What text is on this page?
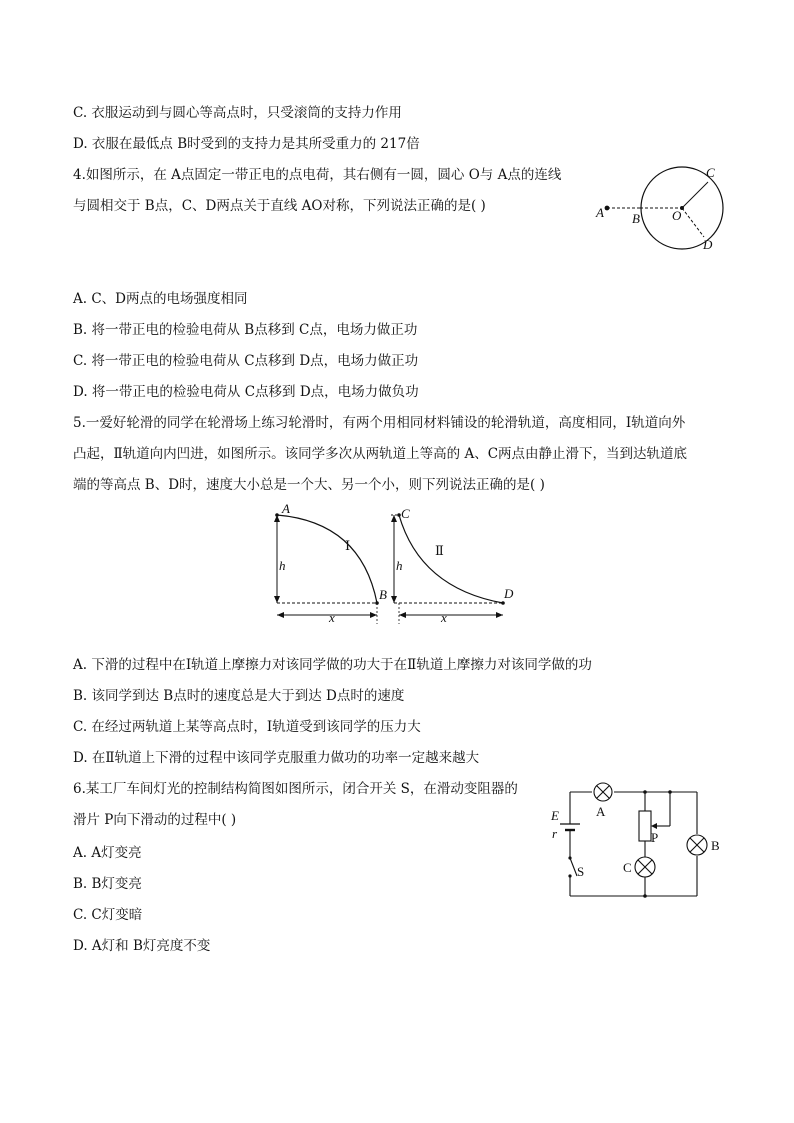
C. 衣服运动到与圆心等高点时，只受滚筒的支持力作用
D. 衣服在最低点 B时受到的支持力是其所受重力的 217倍
4.如图所示，在 A点固定一带正电的点电荷，其右侧有一圆，圆心 O与 A点的连线
与圆相交于 B点，C、D两点关于直线 AO对称，下列说法正确的是( )	A B O
C
D
A. C、D两点的电场强度相同
B. 将一带正电的检验电荷从 B点移到 C点，电场力做正功
C. 将一带正电的检验电荷从 C点移到 D点，电场力做正功
D. 将一带正电的检验电荷从 C点移到 D点，电场力做负功
5.一爱好轮滑的同学在轮滑场上练习轮滑时，有两个用相同材料铺设的轮滑轨道，高度相同，Ⅰ轨道向外
凸起，Ⅱ轨道向内凹进，如图所示。该同学多次从两轨道上等高的 A、C两点由静止滑下，当到达轨道底
端的等高点 B、D时，速度大小总是一个大、另一个小，则下列说法正确的是( )
A
B
C
D
h	h
x	x
Ⅰ	Ⅱ
A. 下滑的过程中在Ⅰ轨道上摩擦力对该同学做的功大于在Ⅱ轨道上摩擦力对该同学做的功
B. 该同学到达 B点时的速度总是大于到达 D点时的速度
C. 在经过两轨道上某等高点时，Ⅰ轨道受到该同学的压力大
D. 在Ⅱ轨道上下滑的过程中该同学克服重力做功的功率一定越来越大
6.某工厂车间灯光的控制结构简图如图所示，闭合开关 S，在滑动变阻器的
滑片 P向下滑动的过程中( )
A. A灯变亮
B. B灯变亮
C. C灯变暗
D. A灯和 B灯亮度不变
E
r
S
A
B
C
P
